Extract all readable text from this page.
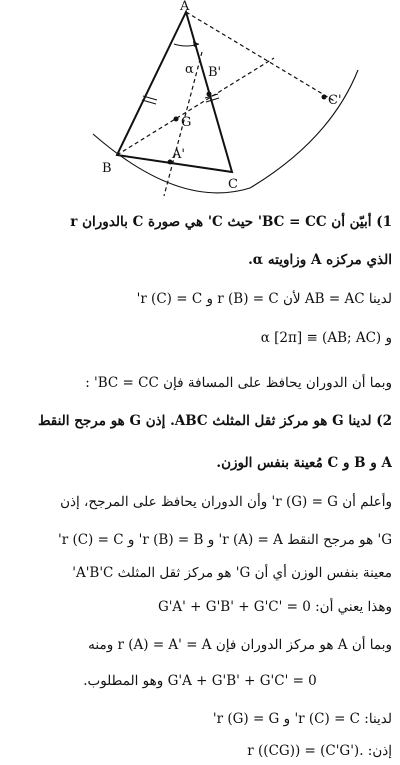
A
B
C
B'
C'
G
A'
α
1) أبيّن أن BC = CC' حيث C' هي صورة C بالدوران r
الذي مركزه A وزاويته α.
لدينا AB = AC لأن r (B) = C و r (C) = C'
و (AB; AC) ≡ α [2π]
وبما أن الدوران يحافظ على المسافة فإن BC = CC' :
2) لدينا G هو مركز ثقل المثلث ABC. إذن G هو مرجح النقط
A و B و C مُعينة بنفس الوزن.
وأعلم أن r (G) = G' وأن الدوران يحافظ على المرجح، إذن
G' هو مرجح النقط r (A) = A' و r (B) = B' و r (C) = C'
معينة بنفس الوزن أي أن G' هو مركز ثقل المثلث A'B'C'
وهذا يعني أن: G'A' + G'B' + G'C' = 0
وبما أن A هو مركز الدوران فإن r (A) = A' = A ومنه
G'A + G'B' + G'C' = 0 وهو المطلوب.
لدينا: r (C) = C' و r (G) = G'
إذن: .r ((CG)) = (C'G')
